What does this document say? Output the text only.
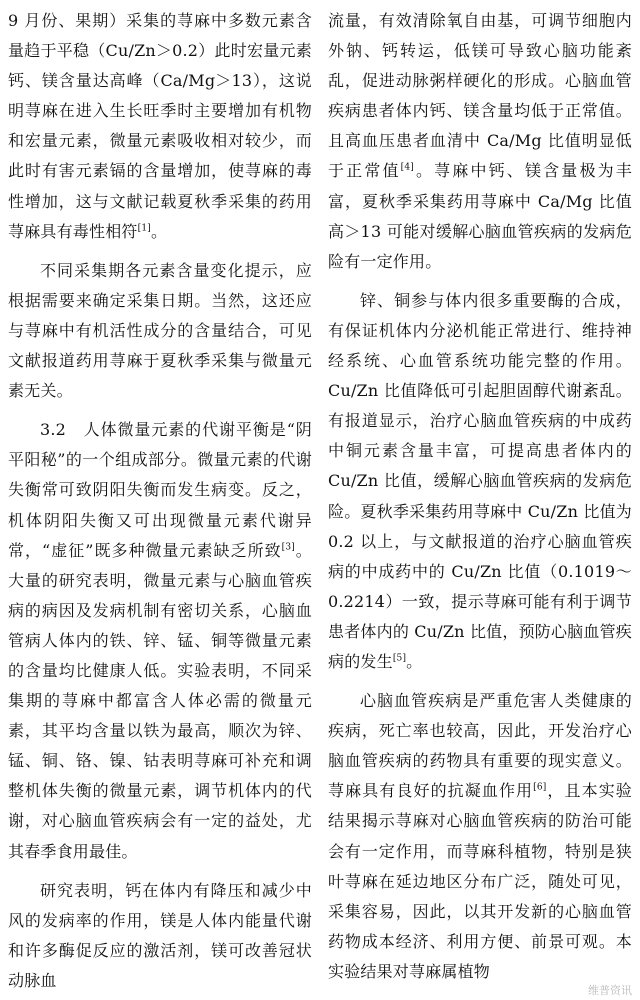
9 月份、果期）采集的荨麻中多数元素含量趋于平稳（Cu/Zn＞0.2）此时宏量元素钙、镁含量达高峰（Ca/Mg＞13），这说明荨麻在进入生长旺季时主要增加有机物和宏量元素，微量元素吸收相对较少，而此时有害元素镉的含量增加，使荨麻的毒性增加，这与文献记载夏秋季采集的药用荨麻具有毒性相符[1]。

不同采集期各元素含量变化提示，应根据需要来确定采集日期。当然，这还应与荨麻中有机活性成分的含量结合，可见文献报道药用荨麻于夏秋季采集与微量元素无关。

3.2　人体微量元素的代谢平衡是“阴平阳秘”的一个组成部分。微量元素的代谢失衡常可致阴阳失衡而发生病变。反之，机体阴阳失衡又可出现微量元素代谢异常，“虚征”既多种微量元素缺乏所致[3]。大量的研究表明，微量元素与心脑血管疾病的病因及发病机制有密切关系，心脑血管病人体内的铁、锌、锰、铜等微量元素的含量均比健康人低。实验表明，不同采集期的荨麻中都富含人体必需的微量元素，其平均含量以铁为最高，顺次为锌、锰、铜、铬、镍、钴表明荨麻可补充和调整机体失衡的微量元素，调节机体内的代谢，对心脑血管疾病会有一定的益处，尤其春季食用最佳。

研究表明，钙在体内有降压和减少中风的发病率的作用，镁是人体内能量代谢和许多酶促反应的激活剂，镁可改善冠状动脉血

流量，有效清除氧自由基，可调节细胞内外钠、钙转运，低镁可导致心脑功能紊乱，促进动脉粥样硬化的形成。心脑血管疾病患者体内钙、镁含量均低于正常值。且高血压患者血清中 Ca/Mg 比值明显低于正常值[4]。荨麻中钙、镁含量极为丰富，夏秋季采集药用荨麻中 Ca/Mg 比值高＞13 可能对缓解心脑血管疾病的发病危险有一定作用。

锌、铜参与体内很多重要酶的合成，有保证机体内分泌机能正常进行、维持神经系统、心血管系统功能完整的作用。Cu/Zn 比值降低可引起胆固醇代谢紊乱。有报道显示，治疗心脑血管疾病的中成药中铜元素含量丰富，可提高患者体内的 Cu/Zn 比值，缓解心脑血管疾病的发病危险。夏秋季采集药用荨麻中 Cu/Zn 比值为 0.2 以上，与文献报道的治疗心脑血管疾病的中成药中的 Cu/Zn 比值（0.1019～0.2214）一致，提示荨麻可能有利于调节患者体内的 Cu/Zn 比值，预防心脑血管疾病的发生[5]。

心脑血管疾病是严重危害人类健康的疾病，死亡率也较高，因此，开发治疗心脑血管疾病的药物具有重要的现实意义。荨麻具有良好的抗凝血作用[6]，且本实验结果揭示荨麻对心脑血管疾病的防治可能会有一定作用，而荨麻科植物，特别是狭叶荨麻在延边地区分布广泛，随处可见，采集容易，因此，以其开发新的心脑血管药物成本经济、利用方便、前景可观。本实验结果对荨麻属植物

维普资讯
